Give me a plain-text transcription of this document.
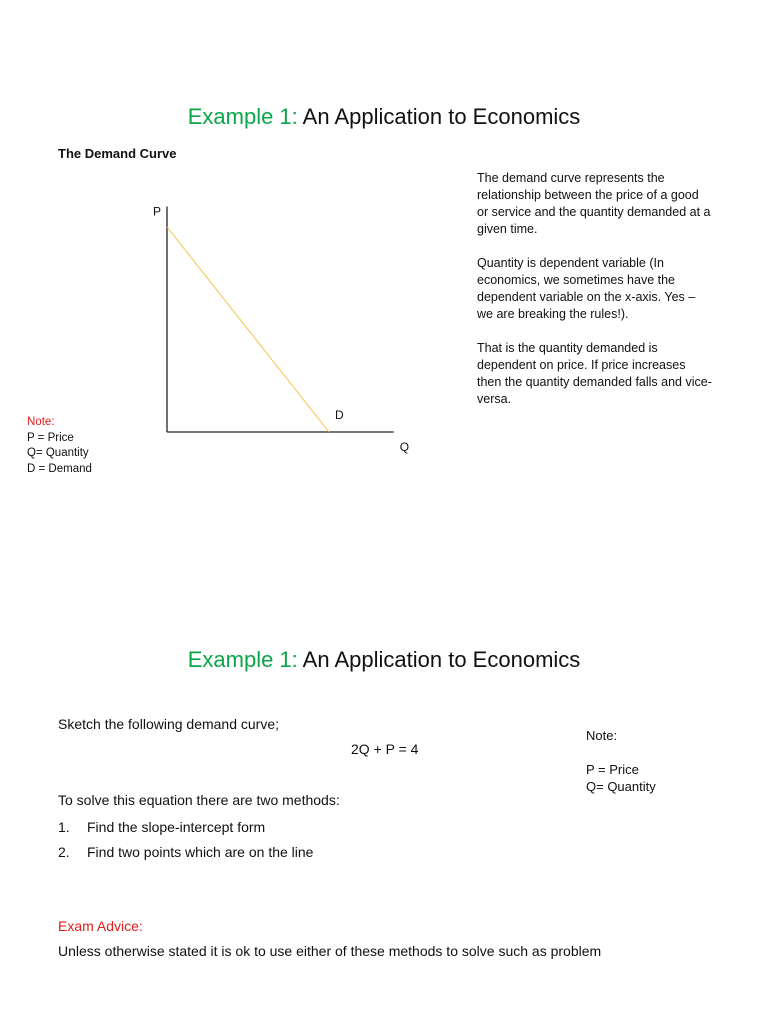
Example 1: An Application to Economics
The Demand Curve
P
Q
D
Note:
P = Price
Q= Quantity
D = Demand
The demand curve represents the relationship between the price of a good or service and the quantity demanded at a given time.
Quantity is dependent variable (In economics, we sometimes have the dependent variable on the x-axis. Yes – we are breaking the rules!).
That is the quantity demanded is dependent on price. If price increases then the quantity demanded falls and vice-versa.
Example 1: An Application to Economics
Sketch the following demand curve;
2Q + P = 4
Note:
P = Price
Q= Quantity
To solve this equation there are two methods:
1. Find the slope-intercept form
2. Find two points which are on the line
Exam Advice:
Unless otherwise stated it is ok to use either of these methods to solve such as problem
